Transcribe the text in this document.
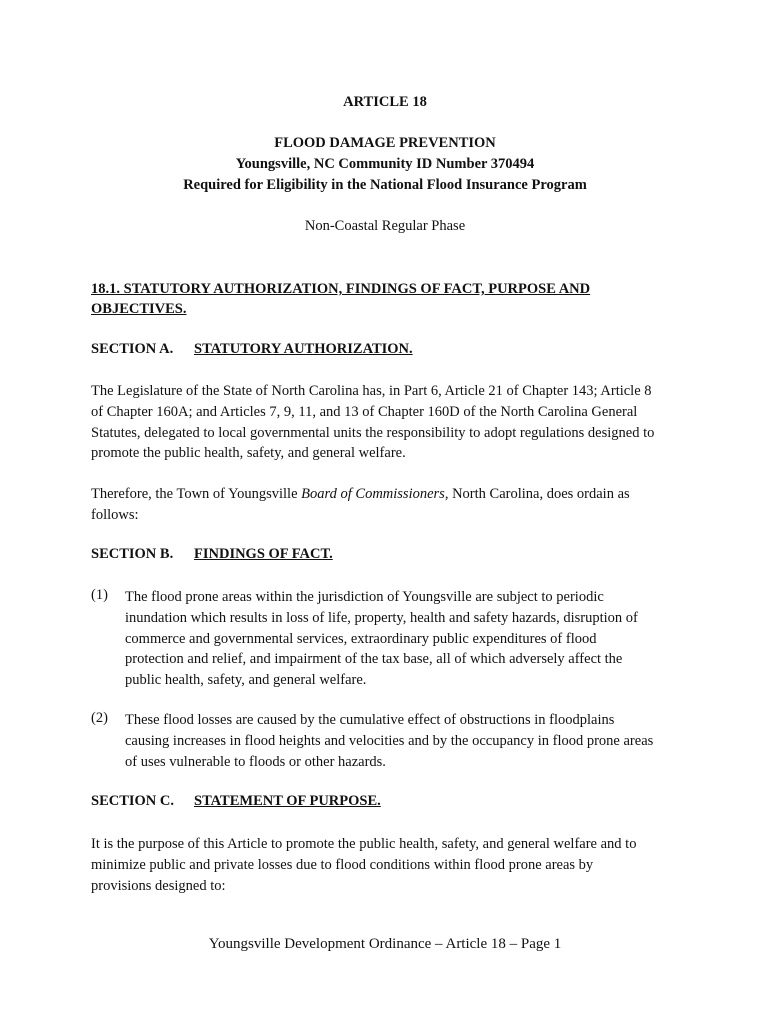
ARTICLE 18
FLOOD DAMAGE PREVENTION
Youngsville, NC Community ID Number 370494
Required for Eligibility in the National Flood Insurance Program
Non-Coastal Regular Phase
18.1. STATUTORY AUTHORIZATION, FINDINGS OF FACT, PURPOSE AND
OBJECTIVES.
SECTION A. STATUTORY AUTHORIZATION.
The Legislature of the State of North Carolina has, in Part 6, Article 21 of Chapter 143; Article 8
of Chapter 160A; and Articles 7, 9, 11, and 13 of Chapter 160D of the North Carolina General
Statutes, delegated to local governmental units the responsibility to adopt regulations designed to
promote the public health, safety, and general welfare.
Therefore, the Town of Youngsville Board of Commissioners, North Carolina, does ordain as
follows:
SECTION B. FINDINGS OF FACT.
(1) The flood prone areas within the jurisdiction of Youngsville are subject to periodic
inundation which results in loss of life, property, health and safety hazards, disruption of
commerce and governmental services, extraordinary public expenditures of flood
protection and relief, and impairment of the tax base, all of which adversely affect the
public health, safety, and general welfare.
(2) These flood losses are caused by the cumulative effect of obstructions in floodplains
causing increases in flood heights and velocities and by the occupancy in flood prone areas
of uses vulnerable to floods or other hazards.
SECTION C. STATEMENT OF PURPOSE.
It is the purpose of this Article to promote the public health, safety, and general welfare and to
minimize public and private losses due to flood conditions within flood prone areas by
provisions designed to:
Youngsville Development Ordinance – Article 18 – Page 1
